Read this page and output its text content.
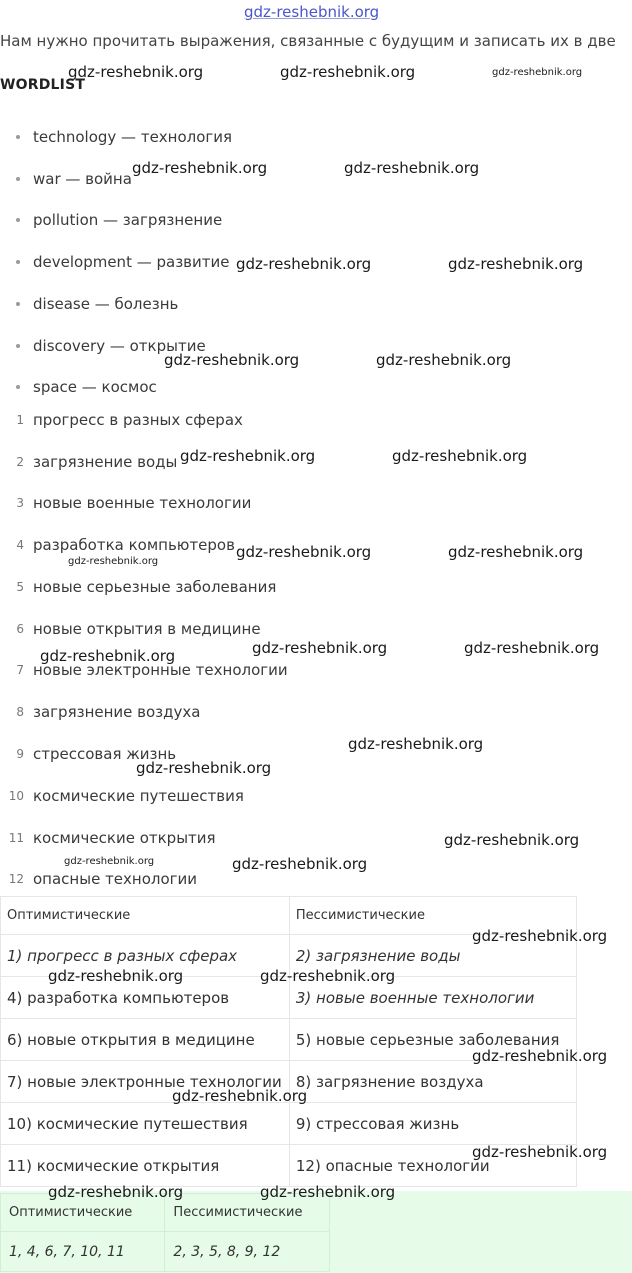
gdz-reshebnik.org
Нам нужно прочитать выражения, связанные с будущим и записать их в две
WORDLIST
technology — технология
war — война
pollution — загрязнение
development — развитие
disease — болезнь
discovery — открытие
space — космос
1 прогресс в разных сферах
2 загрязнение воды
3 новые военные технологии
4 разработка компьютеров
5 новые серьезные заболевания
6 новые открытия в медицине
7 новые электронные технологии
8 загрязнение воздуха
9 стрессовая жизнь
10 космические путешествия
11 космические открытия
12 опасные технологии
Оптимистические	Пессимистические
1) прогресс в разных сферах	2) загрязнение воды
4) разработка компьютеров	3) новые военные технологии
6) новые открытия в медицине	5) новые серьезные заболевания
7) новые электронные технологии	8) загрязнение воздуха
10) космические путешествия	9) стрессовая жизнь
11) космические открытия	12) опасные технологии
Оптимистические	Пессимистические
1, 4, 6, 7, 10, 11	2, 3, 5, 8, 9, 12
gdz-reshebnik.org	gdz-reshebnik.org	gdz-reshebnik.org
gdz-reshebnik.org	gdz-reshebnik.org
gdz-reshebnik.org	gdz-reshebnik.org
gdz-reshebnik.org	gdz-reshebnik.org
gdz-reshebnik.org	gdz-reshebnik.org
gdz-reshebnik.org	gdz-reshebnik.org
gdz-reshebnik.org
gdz-reshebnik.org	gdz-reshebnik.org	gdz-reshebnik.org
gdz-reshebnik.org
gdz-reshebnik.org
gdz-reshebnik.org
gdz-reshebnik.org	gdz-reshebnik.org
gdz-reshebnik.org
gdz-reshebnik.org	gdz-reshebnik.org
gdz-reshebnik.org
gdz-reshebnik.org
gdz-reshebnik.org
gdz-reshebnik.org	gdz-reshebnik.org
